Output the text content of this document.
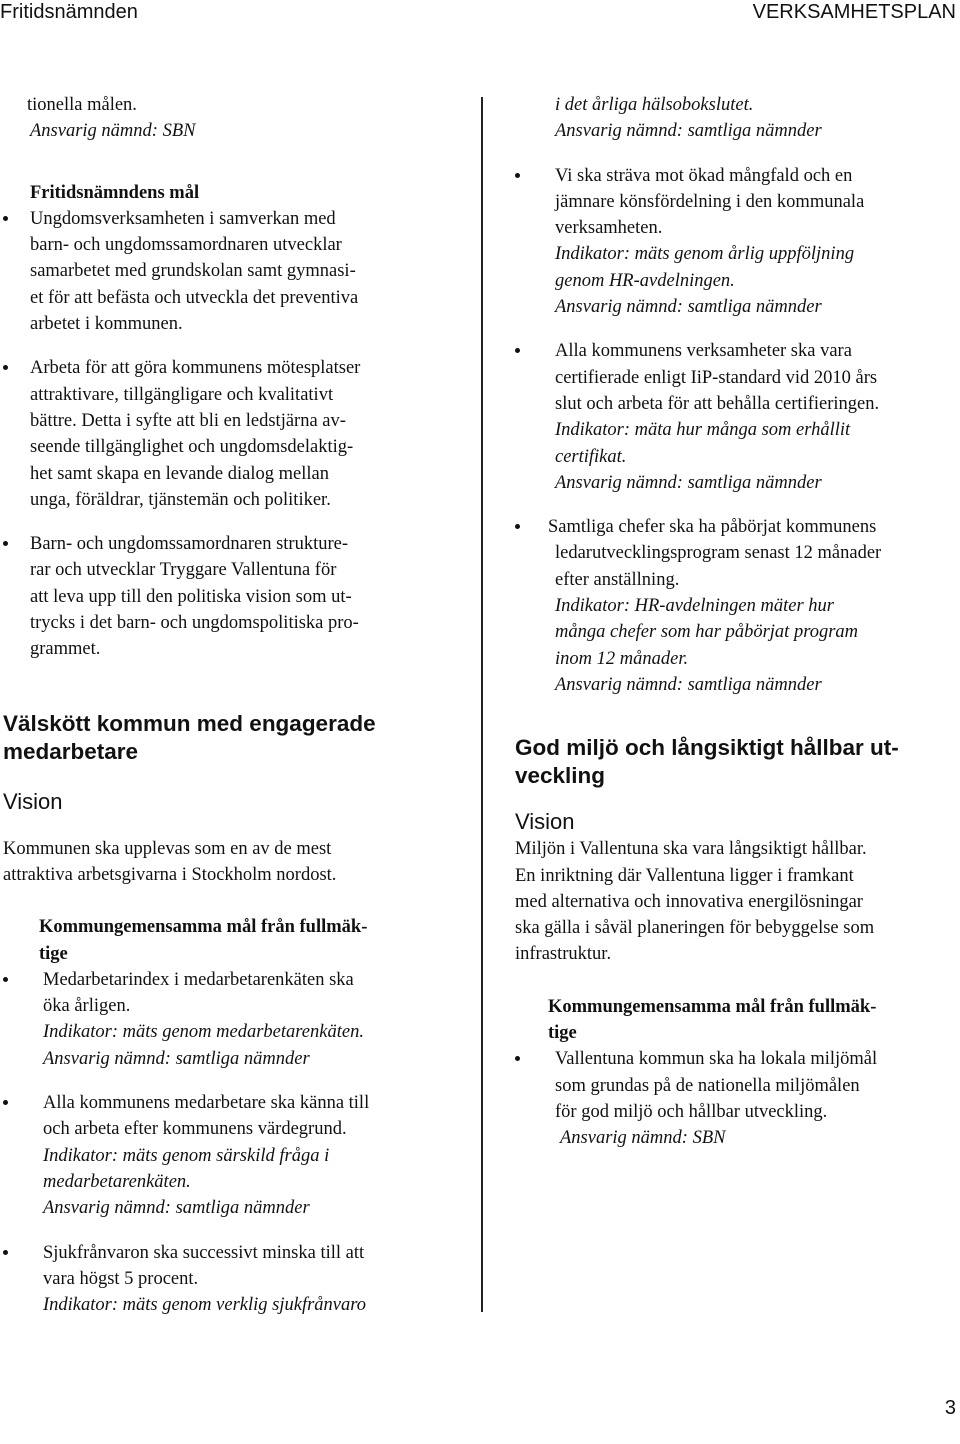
Fritidsnämnden	VERKSAMHETSPLAN
tionella målen.
Ansvarig nämnd: SBN
Fritidsnämndens mål
Ungdomsverksamheten i samverkan med
barn- och ungdomssamordnaren utvecklar
samarbetet med grundskolan samt gymnasi-
et för att befästa och utveckla det preventiva
arbetet i kommunen.
Arbeta för att göra kommunens mötesplatser
attraktivare, tillgängligare och kvalitativt
bättre. Detta i syfte att bli en ledstjärna av-
seende tillgänglighet och ungdomsdelaktig-
het samt skapa en levande dialog mellan
unga, föräldrar, tjänstemän och politiker.
Barn- och ungdomssamordnaren strukture-
rar och utvecklar Tryggare Vallentuna för
att leva upp till den politiska vision som ut-
trycks i det barn- och ungdomspolitiska pro-
grammet.
Välskött kommun med engagerade
medarbetare
Vision
Kommunen ska upplevas som en av de mest
attraktiva arbetsgivarna i Stockholm nordost.
Kommungemensamma mål från fullmäk-
tige
Medarbetarindex i medarbetarenkäten ska
öka årligen.
Indikator: mäts genom medarbetarenkäten.
Ansvarig nämnd: samtliga nämnder
Alla kommunens medarbetare ska känna till
och arbeta efter kommunens värdegrund.
Indikator: mäts genom särskild fråga i
medarbetarenkäten.
Ansvarig nämnd: samtliga nämnder
Sjukfrånvaron ska successivt minska till att
vara högst 5 procent.
Indikator: mäts genom verklig sjukfrånvaro
i det årliga hälsobokslutet.
Ansvarig nämnd: samtliga nämnder
Vi ska sträva mot ökad mångfald och en
jämnare könsfördelning i den kommunala
verksamheten.
Indikator: mäts genom årlig uppföljning
genom HR-avdelningen.
Ansvarig nämnd: samtliga nämnder
Alla kommunens verksamheter ska vara
certifierade enligt IiP-standard vid 2010 års
slut och arbeta för att behålla certifieringen.
Indikator: mäta hur många som erhållit
certifikat.
Ansvarig nämnd: samtliga nämnder
Samtliga chefer ska ha påbörjat kommunens
ledarutvecklingsprogram senast 12 månader
efter anställning.
Indikator: HR-avdelningen mäter hur
många chefer som har påbörjat program
inom 12 månader.
Ansvarig nämnd: samtliga nämnder
God miljö och långsiktigt hållbar ut-
veckling
Vision
Miljön i Vallentuna ska vara långsiktigt hållbar.
En inriktning där Vallentuna ligger i framkant
med alternativa och innovativa energilösningar
ska gälla i såväl planeringen för bebyggelse som
infrastruktur.
Kommungemensamma mål från fullmäk-
tige
Vallentuna kommun ska ha lokala miljömål
som grundas på de nationella miljömålen
för god miljö och hållbar utveckling.
Ansvarig nämnd: SBN
3
